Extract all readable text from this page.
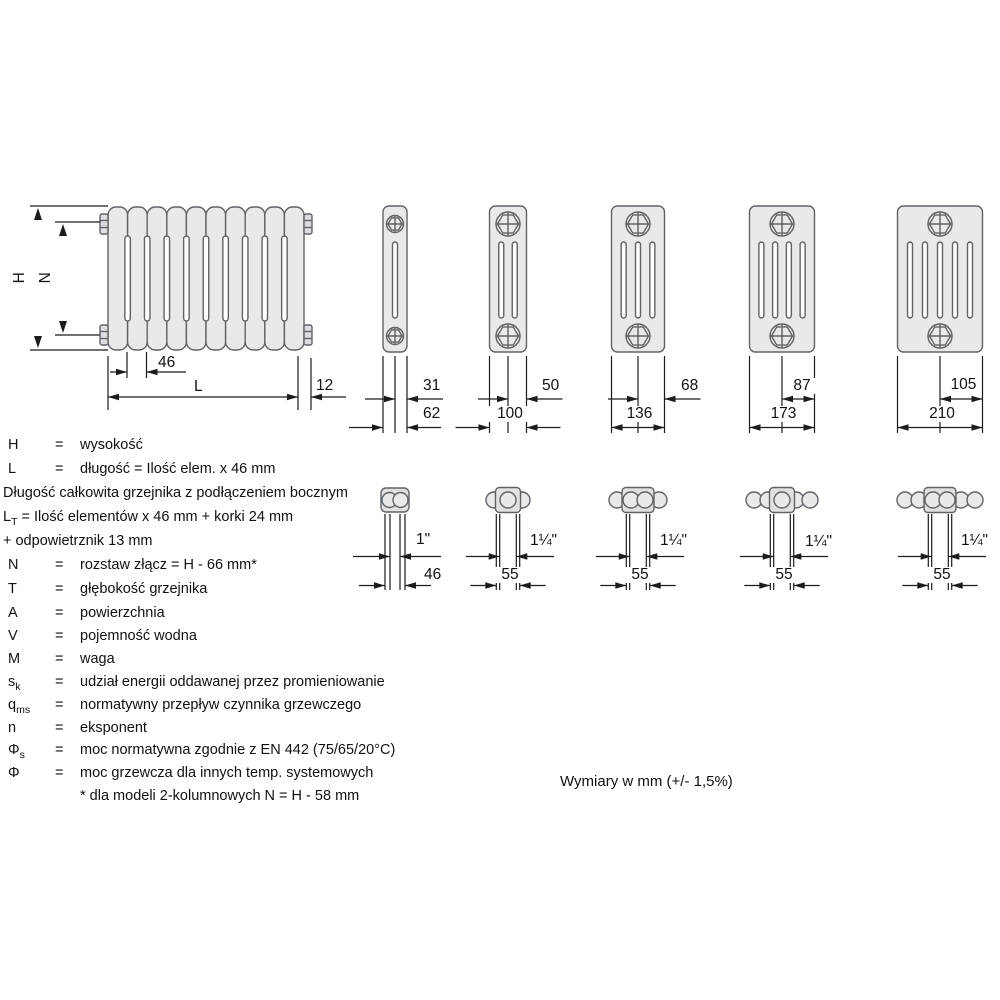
H N
46
L	12	31	50	68	87	105
62	100	136	173	210
1"	1¼"	1¼"	1¼"	1¼"
46	55	55	55	55
H	= wysokość
L	= długość = Ilość elem. x 46 mm
Długość całkowita grzejnika z podłączeniem bocznym
$L_T$ = Ilość elementów x 46 mm + korki 24 mm
+ odpowietrznik 13 mm
N	= rozstaw złącz = H - 66 mm*
T	= głębokość grzejnika
A	= powierzchnia
V	= pojemność wodna
M = waga
$s_k$ = udział energii oddawanej przez promieniowanie
$q_{ms}$ = normatywny przepływ czynnika grzewczego
n	= eksponent
$\Phi_s$ = moc normatywna zgodnie z EN 442 (75/65/20°C)
Φ = moc grzewcza dla innych temp. systemowych
* dla modeli 2-kolumnowych N = H - 58 mm
Wymiary w mm (+/- 1,5%)
